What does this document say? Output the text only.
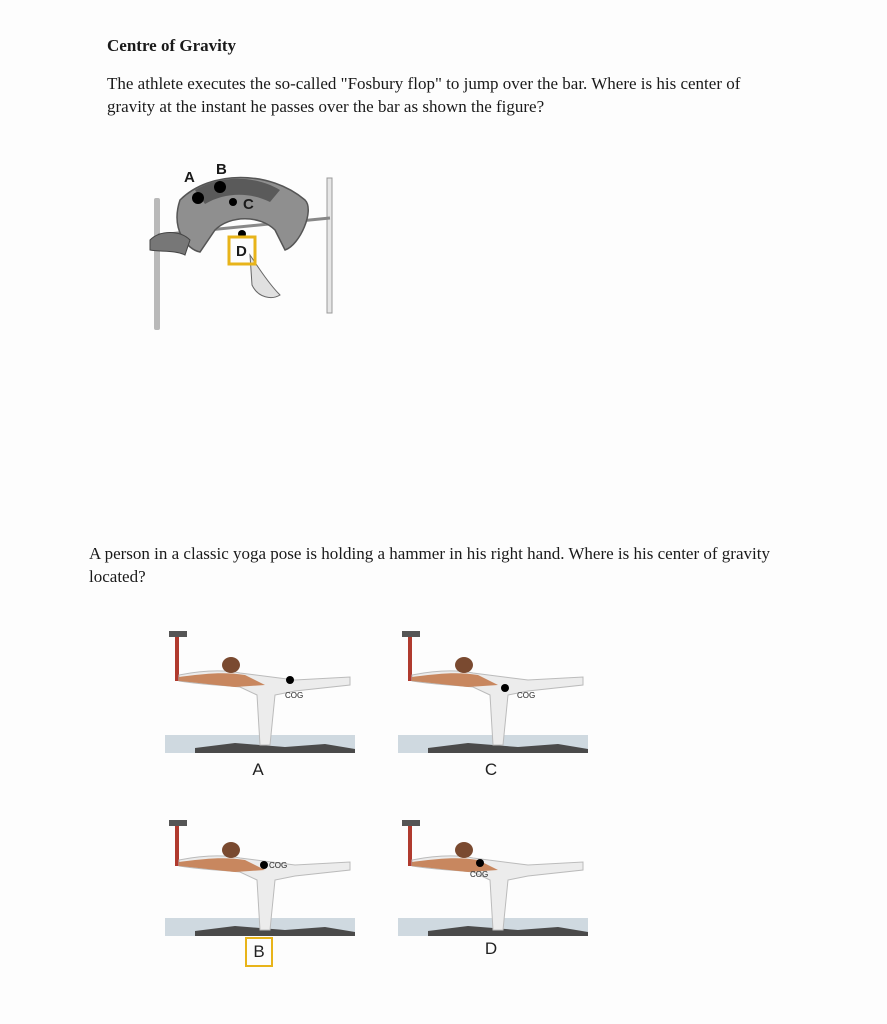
Centre of Gravity
The athlete executes the so-called "Fosbury flop" to jump over the bar. Where is his center of gravity at the instant he passes over the bar as shown the figure?
A B
C
D
A person in a classic yoga pose is holding a hammer in his right hand. Where is his center of gravity located?
COG
A
COG
C
COG
B
COG
D
